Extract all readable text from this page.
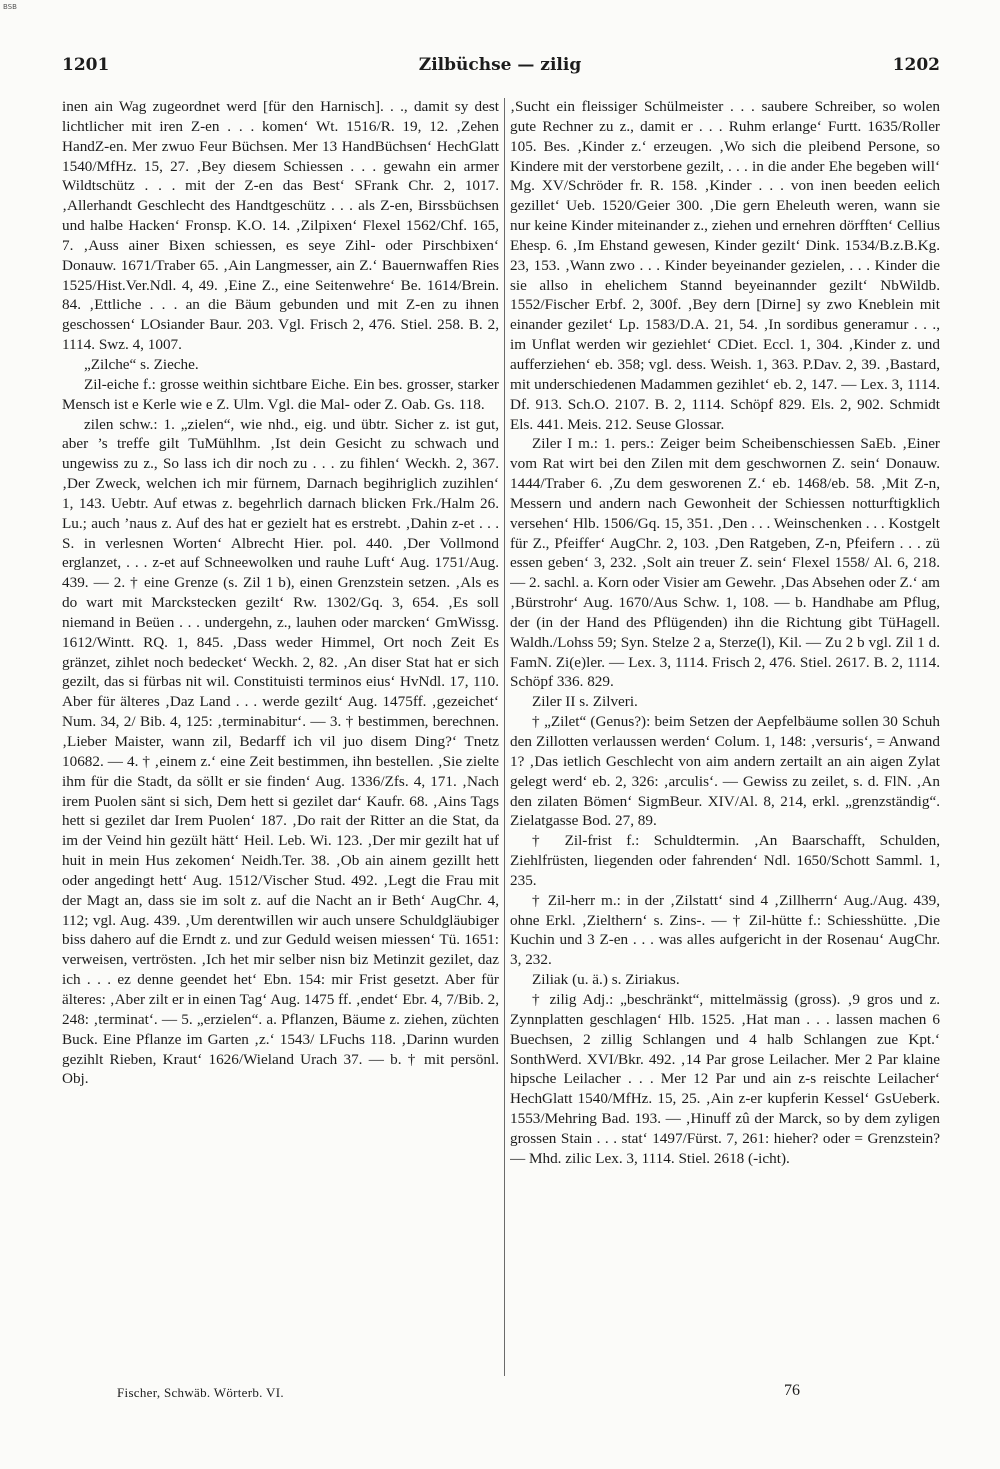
BSB
Zilbüchse — zilig
1201	1202

inen ain Wag zugeordnet werd [für den Harnisch]. . ., damit sy dest lichtlicher mit iren Z-en . . . komen‘ Wt. 1516/R. 19, 12. ‚Zehen HandZ-en. Mer zwuo Feur Büchsen. Mer 13 HandBüchsen‘ HechGlatt 1540/MfHz. 15, 27. ‚Bey diesem Schiessen . . . gewahn ein armer Wildtschütz . . . mit der Z-en das Best‘ SFrank Chr. 2, 1017. ‚Allerhandt Geschlecht des Handtgeschütz . . . als Z-en, Birssbüchsen und halbe Hacken‘ Fronsp. K.O. 14. ‚Zilpixen‘ Flexel 1562/Chf. 165, 7. ‚Auss ainer Bixen schiessen, es seye Zihl- oder Pirschbixen‘ Donauw. 1671/Traber 65. ‚Ain Langmesser, ain Z.‘ Bauernwaffen Ries 1525/Hist.Ver.Ndl. 4, 49. ‚Eine Z., eine Seitenwehre‘ Be. 1614/Brein. 84. ‚Ettliche . . . an die Bäum gebunden und mit Z-en zu ihnen geschossen‘ LOsiander Baur. 203. Vgl. Frisch 2, 476. Stiel. 258. B. 2, 1114. Swz. 4, 1007.

„Zilche“ s. Zieche.

Zil-eiche f.: grosse weithin sichtbare Eiche. Ein bes. grosser, starker Mensch ist e Kerle wie e Z. Ulm. Vgl. die Mal- oder Z. Oab. Gs. 118.

zilen schw.: 1. „zielen“, wie nhd., eig. und übtr. Sicher z. ist gut, aber ’s treffe gilt TuMühlhm. ‚Ist dein Gesicht zu schwach und ungewiss zu z., So lass ich dir noch zu . . . zu fihlen‘ Weckh. 2, 367. ‚Der Zweck, welchen ich mir fürnem, Darnach begihriglich zuzihlen‘ 1, 143. Uebtr. Auf etwas z. begehrlich darnach blicken Frk./Halm 26. Lu.; auch ’naus z. Auf des hat er gezielt hat es erstrebt. ‚Dahin z-et . . . S. in verlesnen Worten‘ Albrecht Hier. pol. 440. ‚Der Vollmond erglanzet, . . . z-et auf Schneewolken und rauhe Luft‘ Aug. 1751/Aug. 439. — 2. † eine Grenze (s. Zil 1 b), einen Grenzstein setzen. ‚Als es do wart mit Marckstecken gezilt‘ Rw. 1302/Gq. 3, 654. ‚Es soll niemand in Beüen . . . undergehn, z., lauhen oder marcken‘ GmWissg. 1612/Wintt. RQ. 1, 845. ‚Dass weder Himmel, Ort noch Zeit Es gränzet, zihlet noch bedecket‘ Weckh. 2, 82. ‚An diser Stat hat er sich gezilt, das si fürbas nit wil. Constituisti terminos eius‘ HvNdl. 17, 110. Aber für älteres ‚Daz Land . . . werde gezilt‘ Aug. 1475ff. ‚gezeichet‘ Num. 34, 2/ Bib. 4, 125: ‚terminabitur‘. — 3. † bestimmen, berechnen. ‚Lieber Maister, wann zil, Bedarff ich vil juo disem Ding?‘ Tnetz 10682. — 4. † ‚einem z.‘ eine Zeit bestimmen, ihn bestellen. ‚Sie zielte ihm für die Stadt, da söllt er sie finden‘ Aug. 1336/Zfs. 4, 171. ‚Nach irem Puolen sänt si sich, Dem hett si gezilet dar‘ Kaufr. 68. ‚Ains Tags hett si gezilet dar Irem Puolen‘ 187. ‚Do rait der Ritter an die Stat, da im der Veind hin gezült hätt‘ Heil. Leb. Wi. 123. ‚Der mir gezilt hat uf huit in mein Hus zekomen‘ Neidh.Ter. 38. ‚Ob ain ainem gezillt hett oder angedingt hett‘ Aug. 1512/Vischer Stud. 492. ‚Legt die Frau mit der Magt an, dass sie im solt z. auf die Nacht an ir Beth‘ AugChr. 4, 112; vgl. Aug. 439. ‚Um derentwillen wir auch unsere Schuldgläubiger biss dahero auf die Erndt z. und zur Geduld weisen miessen‘ Tü. 1651: verweisen, vertrösten. ‚Ich het mir selber nisn biz Metinzit gezilet, daz ich . . . ez denne geendet het‘ Ebn. 154: mir Frist gesetzt. Aber für älteres: ‚Aber zilt er in einen Tag‘ Aug. 1475 ff. ‚endet‘ Ebr. 4, 7/Bib. 2, 248: ‚terminat‘. — 5. „erzielen“. a. Pflanzen, Bäume z. ziehen, züchten Buck. Eine Pflanze im Garten ‚z.‘ 1543/ LFuchs 118. ‚Darinn wurden gezihlt Rieben, Kraut‘ 1626/Wieland Urach 37. — b. † mit persönl. Obj.

‚Sucht ein fleissiger Schülmeister . . . saubere Schreiber, so wolen gute Rechner zu z., damit er . . . Ruhm erlange‘ Furtt. 1635/Roller 105. Bes. ‚Kinder z.‘ erzeugen. ‚Wo sich die pleibend Persone, so Kindere mit der verstorbene gezilt, . . . in die ander Ehe begeben will‘ Mg. XV/Schröder fr. R. 158. ‚Kinder . . . von inen beeden eelich gezillet‘ Ueb. 1520/Geier 300. ‚Die gern Eheleuth weren, wann sie nur keine Kinder miteinander z., ziehen und ernehren dörfften‘ Cellius Ehesp. 6. ‚Im Ehstand gewesen, Kinder gezilt‘ Dink. 1534/B.z.B.Kg. 23, 153. ‚Wann zwo . . . Kinder beyeinander gezielen, . . . Kinder die sie allso in ehelichem Stannd beyeinannder gezilt‘ NbWildb. 1552/Fischer Erbf. 2, 300f. ‚Bey dern [Dirne] sy zwo Kneblein mit einander gezilet‘ Lp. 1583/D.A. 21, 54. ‚In sordibus generamur . . ., im Unflat werden wir geziehlet‘ CDiet. Eccl. 1, 304. ‚Kinder z. und aufferziehen‘ eb. 358; vgl. dess. Weish. 1, 363. P.Dav. 2, 39. ‚Bastard, mit underschiedenen Madammen gezihlet‘ eb. 2, 147. — Lex. 3, 1114. Df. 913. Sch.O. 2107. B. 2, 1114. Schöpf 829. Els. 2, 902. Schmidt Els. 441. Meis. 212. Seuse Glossar.

Ziler I m.: 1. pers.: Zeiger beim Scheibenschiessen SaEb. ‚Einer vom Rat wirt bei den Zilen mit dem geschwornen Z. sein‘ Donauw. 1444/Traber 6. ‚Zu dem gesworenen Z.‘ eb. 1468/eb. 58. ‚Mit Z-n, Messern und andern nach Gewonheit der Schiessen notturftigklich versehen‘ Hlb. 1506/Gq. 15, 351. ‚Den . . . Weinschenken . . . Kostgelt für Z., Pfeiffer‘ AugChr. 2, 103. ‚Den Ratgeben, Z-n, Pfeifern . . . zü essen geben‘ 3, 232. ‚Solt ain treuer Z. sein‘ Flexel 1558/ Al. 6, 218. — 2. sachl. a. Korn oder Visier am Gewehr. ‚Das Absehen oder Z.‘ am ‚Bürstrohr‘ Aug. 1670/Aus Schw. 1, 108. — b. Handhabe am Pflug, der (in der Hand des Pflügenden) ihn die Richtung gibt TüHagell. Waldh./Lohss 59; Syn. Stelze 2 a, Sterze(l), Kil. — Zu 2 b vgl. Zil 1 d. FamN. Zi(e)ler. — Lex. 3, 1114. Frisch 2, 476. Stiel. 2617. B. 2, 1114. Schöpf 336. 829.

Ziler II s. Zilveri.

† „Zilet“ (Genus?): beim Setzen der Aepfelbäume sollen 30 Schuh den Zillotten verlaussen werden‘ Colum. 1, 148: ‚versuris‘, = Anwand 1? ‚Das ietlich Geschlecht von aim andern zertailt an ain aigen Zylat gelegt werd‘ eb. 2, 326: ‚arculis‘. — Gewiss zu zeilet, s. d. FlN. ‚An den zilaten Bömen‘ SigmBeur. XIV/Al. 8, 214, erkl. „grenzständig“. Zielatgasse Bod. 27, 89.

† Zil-frist f.: Schuldtermin. ‚An Baarschafft, Schulden, Ziehlfrüsten, liegenden oder fahrenden‘ Ndl. 1650/Schott Samml. 1, 235.

† Zil-herr m.: in der ‚Zilstatt‘ sind 4 ‚Zillherrn‘ Aug./Aug. 439, ohne Erkl. ‚Zielthern‘ s. Zins-. — † Zil-hütte f.: Schiesshütte. ‚Die Kuchin und 3 Z-en . . . was alles aufgericht in der Rosenau‘ AugChr. 3, 232.

Ziliak (u. ä.) s. Ziriakus.

† zilig Adj.: „beschränkt“, mittelmässig (gross). ‚9 gros und z. Zynnplatten geschlagen‘ Hlb. 1525. ‚Hat man . . . lassen machen 6 Buechsen, 2 zillig Schlangen und 4 halb Schlangen zue Kpt.‘ SonthWerd. XVI/Bkr. 492. ‚14 Par grose Leilacher. Mer 2 Par klaine hipsche Leilacher . . . Mer 12 Par und ain z-s reischte Leilacher‘ HechGlatt 1540/MfHz. 15, 25. ‚Ain z-er kupferin Kessel‘ GsUeberk. 1553/Mehring Bad. 193. — ‚Hinuff zû der Marck, so by dem zyligen grossen Stain . . . stat‘ 1497/Fürst. 7, 261: hieher? oder = Grenzstein? — Mhd. zilic Lex. 3, 1114. Stiel. 2618 (-icht).

Fischer, Schwäb. Wörterb. VI.	76
